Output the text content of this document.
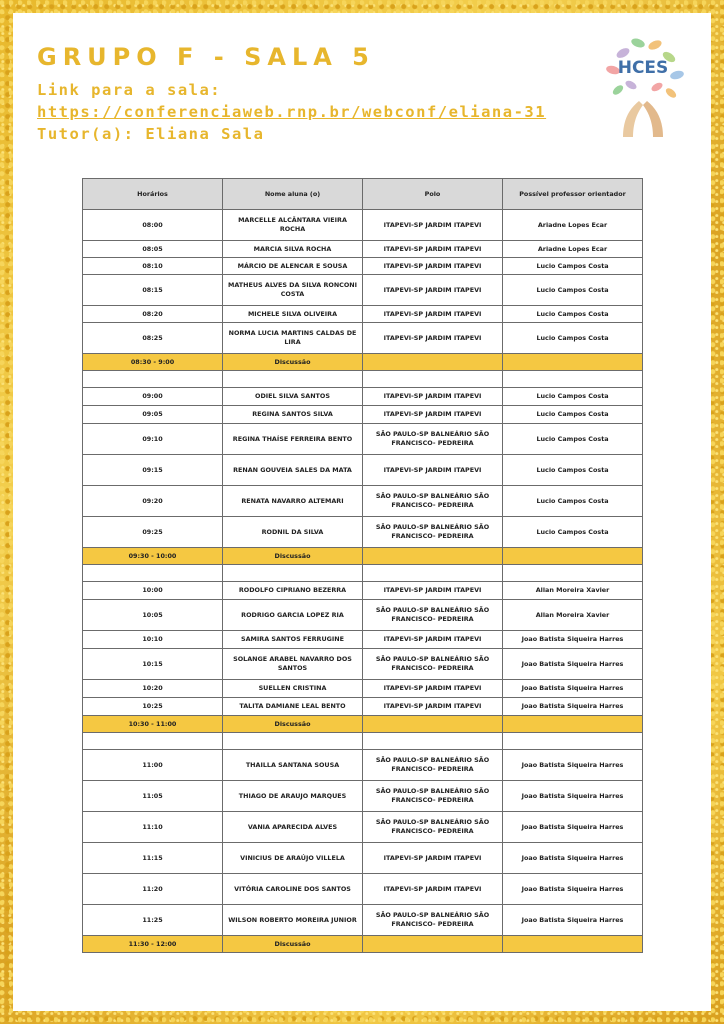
GRUPO F - SALA 5
Link para a sala:
https://conferenciaweb.rnp.br/webconf/eliana-31
Tutor(a): Eliana Sala
HCES
Horários	Nome aluna (o)	Polo	Possível professor orientador
08:00	MARCELLE ALCÂNTARA VIEIRA ROCHA	ITAPEVI-SP JARDIM ITAPEVI	Ariadne Lopes Ecar
08:05	MARCIA SILVA ROCHA	ITAPEVI-SP JARDIM ITAPEVI	Ariadne Lopes Ecar
08:10	MÁRCIO DE ALENCAR E SOUSA	ITAPEVI-SP JARDIM ITAPEVI	Lucio Campos Costa
08:15	MATHEUS ALVES DA SILVA RONCONI COSTA	ITAPEVI-SP JARDIM ITAPEVI	Lucio Campos Costa
08:20	MICHELE SILVA OLIVEIRA	ITAPEVI-SP JARDIM ITAPEVI	Lucio Campos Costa
08:25	NORMA LUCIA MARTINS CALDAS DE LIRA	ITAPEVI-SP JARDIM ITAPEVI	Lucio Campos Costa
08:30 - 9:00	Discussão		

09:00	ODIEL SILVA SANTOS	ITAPEVI-SP JARDIM ITAPEVI	Lucio Campos Costa
09:05	REGINA SANTOS SILVA	ITAPEVI-SP JARDIM ITAPEVI	Lucio Campos Costa
09:10	REGINA THAÍSE FERREIRA BENTO	SÃO PAULO-SP BALNEÁRIO SÃO FRANCISCO- PEDREIRA	Lucio Campos Costa
09:15	RENAN GOUVEIA SALES DA MATA	ITAPEVI-SP JARDIM ITAPEVI	Lucio Campos Costa
09:20	RENATA NAVARRO ALTEMARI	SÃO PAULO-SP BALNEÁRIO SÃO FRANCISCO- PEDREIRA	Lucio Campos Costa
09:25	RODNIL DA SILVA	SÃO PAULO-SP BALNEÁRIO SÃO FRANCISCO- PEDREIRA	Lucio Campos Costa
09:30 - 10:00	Discussão		

10:00	RODOLFO CIPRIANO BEZERRA	ITAPEVI-SP JARDIM ITAPEVI	Allan Moreira Xavier
10:05	RODRIGO GARCIA LOPEZ RIA	SÃO PAULO-SP BALNEÁRIO SÃO FRANCISCO- PEDREIRA	Allan Moreira Xavier
10:10	SAMIRA SANTOS FERRUGINE	ITAPEVI-SP JARDIM ITAPEVI	Joao Batista Siqueira Harres
10:15	SOLANGE ARABEL NAVARRO DOS SANTOS	SÃO PAULO-SP BALNEÁRIO SÃO FRANCISCO- PEDREIRA	Joao Batista Siqueira Harres
10:20	SUELLEN CRISTINA	ITAPEVI-SP JARDIM ITAPEVI	Joao Batista Siqueira Harres
10:25	TALITA DAMIANE LEAL BENTO	ITAPEVI-SP JARDIM ITAPEVI	Joao Batista Siqueira Harres
10:30 - 11:00	Discussão		

11:00	THAILLA SANTANA SOUSA	SÃO PAULO-SP BALNEÁRIO SÃO FRANCISCO- PEDREIRA	Joao Batista Siqueira Harres
11:05	THIAGO DE ARAUJO MARQUES	SÃO PAULO-SP BALNEÁRIO SÃO FRANCISCO- PEDREIRA	Joao Batista Siqueira Harres
11:10	VANIA APARECIDA ALVES	SÃO PAULO-SP BALNEÁRIO SÃO FRANCISCO- PEDREIRA	Joao Batista Siqueira Harres
11:15	VINICIUS DE ARAÚJO VILLELA	ITAPEVI-SP JARDIM ITAPEVI	Joao Batista Siqueira Harres
11:20	VITÓRIA CAROLINE DOS SANTOS	ITAPEVI-SP JARDIM ITAPEVI	Joao Batista Siqueira Harres
11:25	WILSON ROBERTO MOREIRA JUNIOR	SÃO PAULO-SP BALNEÁRIO SÃO FRANCISCO- PEDREIRA	Joao Batista Siqueira Harres
11:30 - 12:00	Discussão		
